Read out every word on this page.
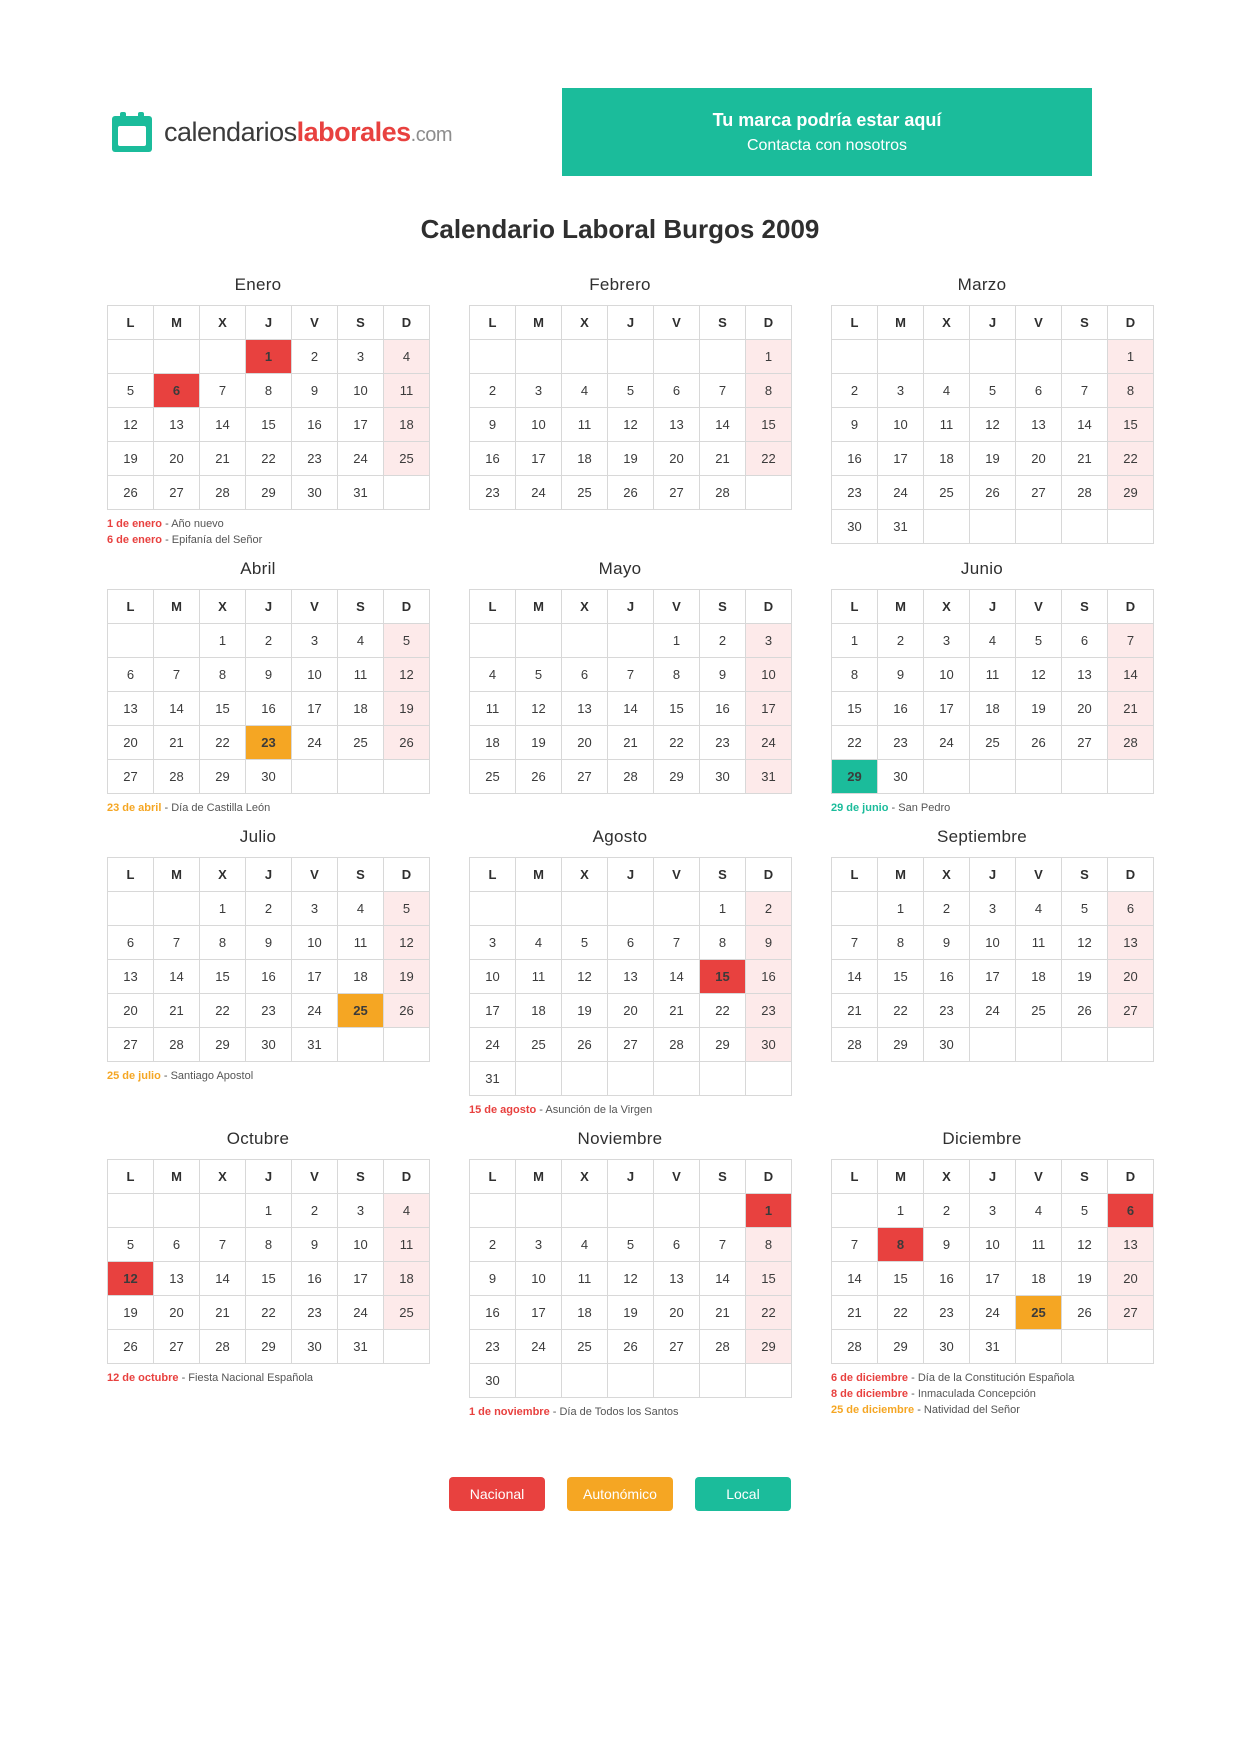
calendarioslaborales.com
Tu marca podría estar aquí
Contacta con nosotros
Calendario Laboral Burgos 2009
Enero
L	M	X	J	V	S	D
			1	2	3	4
5	6	7	8	9	10	11
12	13	14	15	16	17	18
19	20	21	22	23	24	25
26	27	28	29	30	31	
1 de enero - Año nuevo
6 de enero - Epifanía del Señor
Febrero
L	M	X	J	V	S	D
						1
2	3	4	5	6	7	8
9	10	11	12	13	14	15
16	17	18	19	20	21	22
23	24	25	26	27	28	
Marzo
L	M	X	J	V	S	D
						1
2	3	4	5	6	7	8
9	10	11	12	13	14	15
16	17	18	19	20	21	22
23	24	25	26	27	28	29
30	31					
Abril
L	M	X	J	V	S	D
		1	2	3	4	5
6	7	8	9	10	11	12
13	14	15	16	17	18	19
20	21	22	23	24	25	26
27	28	29	30			
23 de abril - Día de Castilla León
Mayo
L	M	X	J	V	S	D
				1	2	3
4	5	6	7	8	9	10
11	12	13	14	15	16	17
18	19	20	21	22	23	24
25	26	27	28	29	30	31
Junio
L	M	X	J	V	S	D
1	2	3	4	5	6	7
8	9	10	11	12	13	14
15	16	17	18	19	20	21
22	23	24	25	26	27	28
29	30					
29 de junio - San Pedro
Julio
L	M	X	J	V	S	D
		1	2	3	4	5
6	7	8	9	10	11	12
13	14	15	16	17	18	19
20	21	22	23	24	25	26
27	28	29	30	31		
25 de julio - Santiago Apostol
Agosto
L	M	X	J	V	S	D
					1	2
3	4	5	6	7	8	9
10	11	12	13	14	15	16
17	18	19	20	21	22	23
24	25	26	27	28	29	30
31						
15 de agosto - Asunción de la Virgen
Septiembre
L	M	X	J	V	S	D
	1	2	3	4	5	6
7	8	9	10	11	12	13
14	15	16	17	18	19	20
21	22	23	24	25	26	27
28	29	30				
Octubre
L	M	X	J	V	S	D
			1	2	3	4
5	6	7	8	9	10	11
12	13	14	15	16	17	18
19	20	21	22	23	24	25
26	27	28	29	30	31	
12 de octubre - Fiesta Nacional Española
Noviembre
L	M	X	J	V	S	D
						1
2	3	4	5	6	7	8
9	10	11	12	13	14	15
16	17	18	19	20	21	22
23	24	25	26	27	28	29
30						
1 de noviembre - Día de Todos los Santos
Diciembre
L	M	X	J	V	S	D
	1	2	3	4	5	6
7	8	9	10	11	12	13
14	15	16	17	18	19	20
21	22	23	24	25	26	27
28	29	30	31			
6 de diciembre - Día de la Constitución Española
8 de diciembre - Inmaculada Concepción
25 de diciembre - Natividad del Señor
Nacional	Autonómico	Local
